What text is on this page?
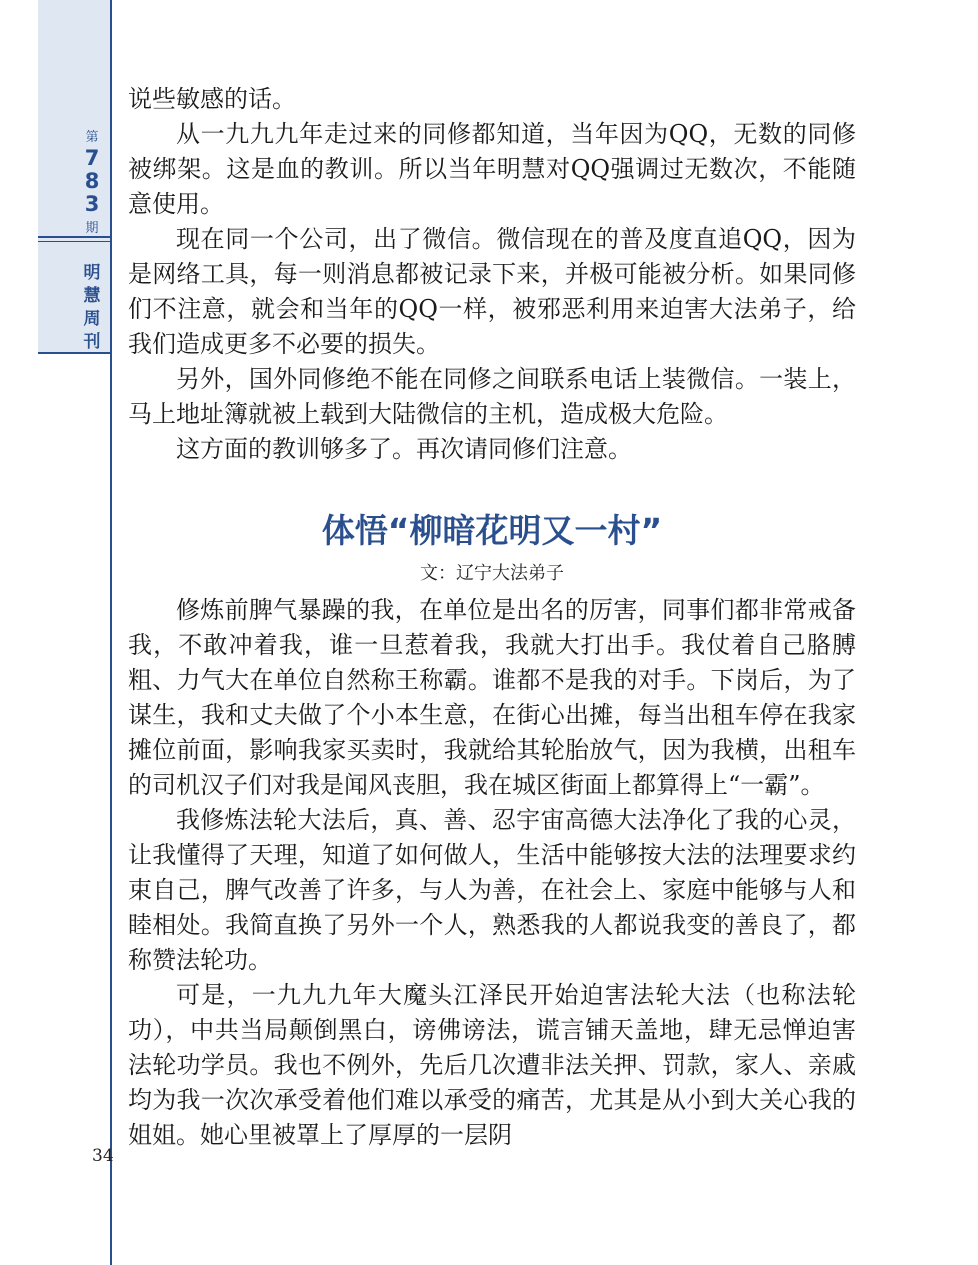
第
7
8
3
期
明
慧
周
刊
34

说些敏感的话。

从一九九九年走过来的同修都知道，当年因为QQ，无数的同修被绑架。这是血的教训。所以当年明慧对QQ强调过无数次，不能随意使用。

现在同一个公司，出了微信。微信现在的普及度直追QQ，因为是网络工具，每一则消息都被记录下来，并极可能被分析。如果同修们不注意，就会和当年的QQ一样，被邪恶利用来迫害大法弟子，给我们造成更多不必要的损失。

另外，国外同修绝不能在同修之间联系电话上装微信。一装上，马上地址簿就被上载到大陆微信的主机，造成极大危险。

这方面的教训够多了。再次请同修们注意。

体悟“柳暗花明又一村”
文：辽宁大法弟子

修炼前脾气暴躁的我，在单位是出名的厉害，同事们都非常戒备我，不敢冲着我，谁一旦惹着我，我就大打出手。我仗着自己胳膊粗、力气大在单位自然称王称霸。谁都不是我的对手。下岗后，为了谋生，我和丈夫做了个小本生意，在街心出摊，每当出租车停在我家摊位前面，影响我家买卖时，我就给其轮胎放气，因为我横，出租车的司机汉子们对我是闻风丧胆，我在城区街面上都算得上“一霸”。

我修炼法轮大法后，真、善、忍宇宙高德大法净化了我的心灵，让我懂得了天理，知道了如何做人，生活中能够按大法的法理要求约束自己，脾气改善了许多，与人为善，在社会上、家庭中能够与人和睦相处。我简直换了另外一个人，熟悉我的人都说我变的善良了，都称赞法轮功。

可是，一九九九年大魔头江泽民开始迫害法轮大法（也称法轮功），中共当局颠倒黑白，谤佛谤法，谎言铺天盖地，肆无忌惮迫害法轮功学员。我也不例外，先后几次遭非法关押、罚款，家人、亲戚均为我一次次承受着他们难以承受的痛苦，尤其是从小到大关心我的姐姐。她心里被罩上了厚厚的一层阴
